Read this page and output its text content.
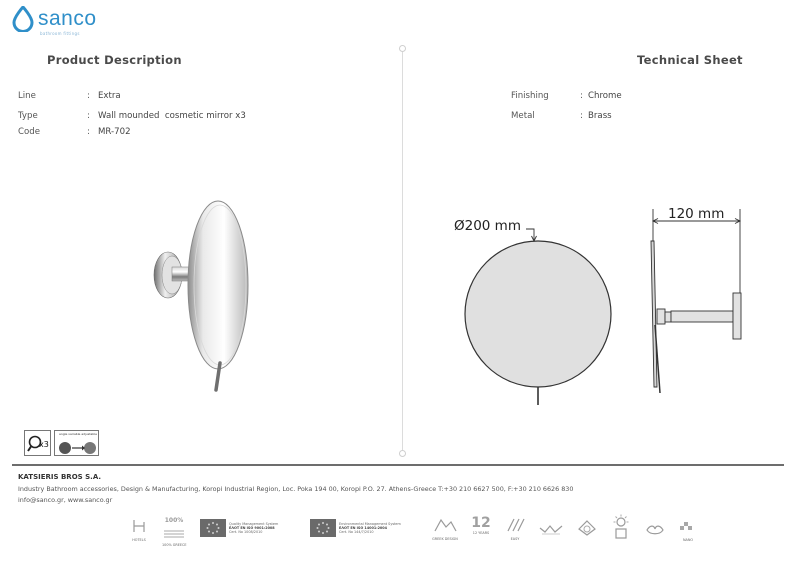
sanco
bathroom fittings
Product Description	Technical Sheet
Line	: Extra
Type	: Wall mounded  cosmetic mirror x3
Code	: MR-702
Finishing	: Chrome
Metal	: Brass
x3
angle variable adjustable
Ø200 mm
120 mm
KATSIERIS BROS S.A.
Industry Bathroom accessories, Design & Manufacturing, Koropi Industrial Region, Loc. Poka 194 00, Koropi P.O. 27. Athens-Greece T:+30 210 6627 500, F:+30 210 6626 830
info@sanco.gr, www.sanco.gr
HOTELS
100%
100% GREECE
Quality Management System
ΕΛΟΤ EN ISO 9001:2008
Cert. No 1008/2010
Environmental Management System
ΕΛΟΤ EN ISO 14001:2004
Cert. No 144/7/2010
GREEK DESIGN
12
12 YEARS
EASY	NANO
